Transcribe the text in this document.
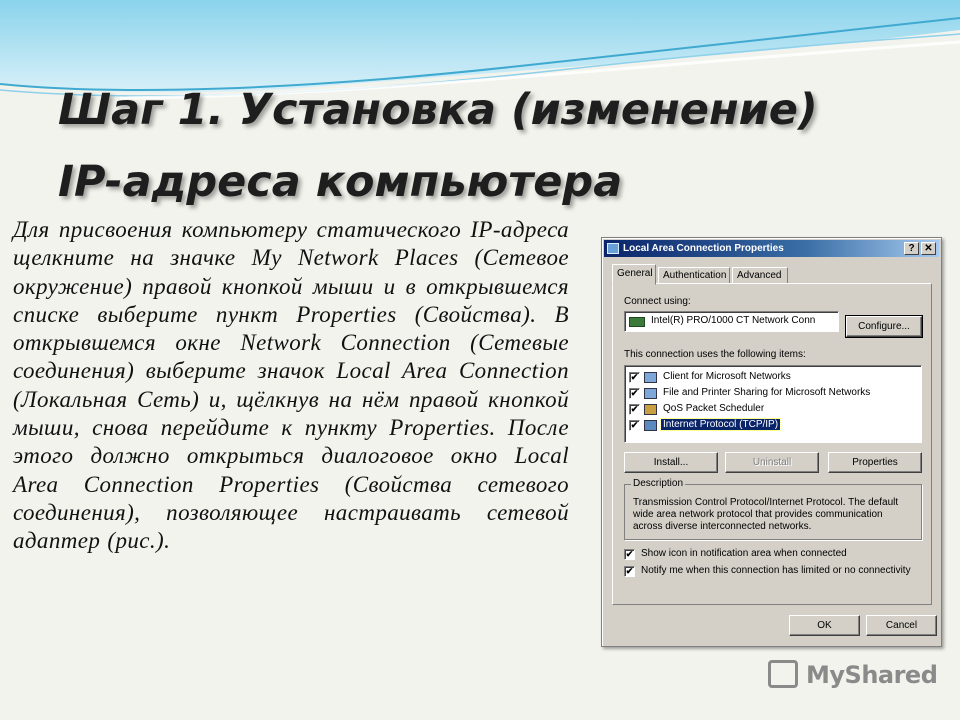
Шаг 1. Установка (изменение)
IP-адреса компьютера
Для присвоения компьютеру статического IP-адреса щелкните на значке My Network Places (Сетевое окружение) правой кнопкой мыши и в открывшемся списке выберите пункт Properties (Свойства). В открывшемся окне Network Connection (Сетевые соединения) выберите значок Local Area Connection (Локальная Сеть) и, щёлкнув на нём правой кнопкой мыши, снова перейдите к пункту Properties. После этого должно открыться диалоговое окно Local Area Connection Properties (Свойства сетевого соединения), позволяющее настраивать сетевой адаптер (рис.).
Local Area Connection Properties	? ✕
General	Authentication	Advanced
Connect using:
Intel(R) PRO/1000 CT Network Conn
Configure...
This connection uses the following items:
✔ Client for Microsoft Networks
✔ File and Printer Sharing for Microsoft Networks
✔ QoS Packet Scheduler
✔ Internet Protocol (TCP/IP)
Install...	Uninstall	Properties
Description
Transmission Control Protocol/Internet Protocol. The default wide area network protocol that provides communication across diverse interconnected networks.
✔ Show icon in notification area when connected
✔ Notify me when this connection has limited or no connectivity
OK	Cancel
MyShared
